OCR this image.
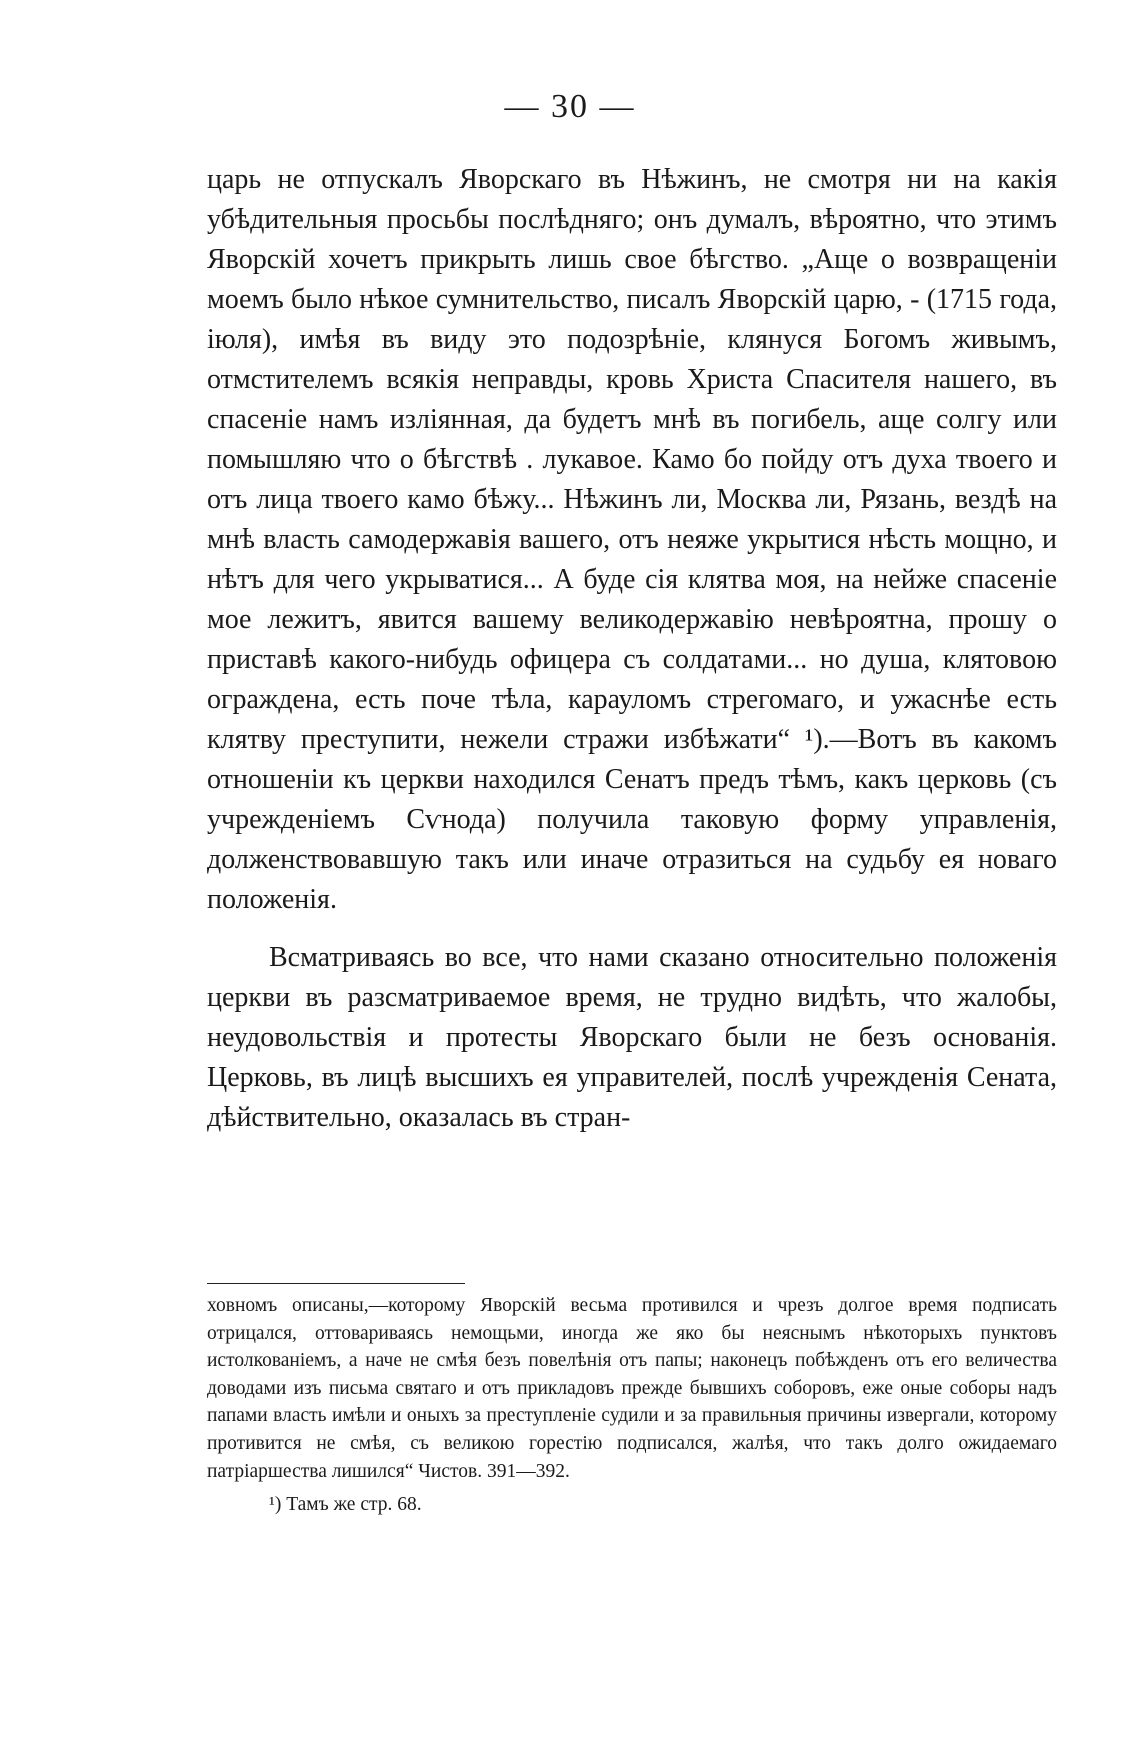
— 30 —

царь не отпускалъ Яворскаго въ Нѣжинъ, не смотря ни на какія убѣдительныя просьбы послѣдняго; онъ думалъ, вѣроятно, что этимъ Яворскій хочетъ прикрыть лишь свое бѣгство. „Аще о возвращеніи моемъ было нѣкое сумнительство, писалъ Яворскій царю, - (1715 года, іюля), имѣя въ виду это подозрѣніе, клянуся Богомъ живымъ, отмстителемъ всякія неправды, кровь Христа Спасителя нашего, въ спасеніе намъ изліянная, да будетъ мнѣ въ погибель, аще солгу или помышляю что о бѣгствѣ . лукавое. Камо бо пойду отъ духа твоего и отъ лица твоего камо бѣжу... Нѣжинъ ли, Москва ли, Рязань, вездѣ на мнѣ власть самодержавія вашего, отъ неяже укрытися нѣсть мощно, и нѣтъ для чего укрыватися... А буде сія клятва моя, на нейже спасеніе мое лежитъ, явится вашему великодержавію невѣроятна, прошу о приставѣ какого-нибудь офицера съ солдатами... но душа, клятовою ограждена, есть поче тѣла, карауломъ стрегомаго, и ужаснѣе есть клятву преступити, нежели стражи избѣжати“ ¹).—Вотъ въ какомъ отношеніи къ церкви находился Сенатъ предъ тѣмъ, какъ церковь (съ учрежденіемъ Сѵнода) получила таковую форму управленія, долженствовавшую такъ или иначе отразиться на судьбу ея новаго положенія.

Всматриваясь во все, что нами сказано относительно положенія церкви въ разсматриваемое время, не трудно видѣть, что жалобы, неудовольствія и протесты Яворскаго были не безъ основанія. Церковь, въ лицѣ высшихъ ея управителей, послѣ учрежденія Сената, дѣйствительно, оказалась въ стран-

ховномъ описаны,—которому Яворскій весьма противился и чрезъ долгое время подписать отрицался, оттовариваясь немощьми, иногда же яко бы неяснымъ нѣкоторыхъ пунктовъ истолкованіемъ, а наче не смѣя безъ повелѣнія отъ папы; наконецъ побѣжденъ отъ его величества доводами изъ письма святаго и отъ прикладовъ прежде бывшихъ соборовъ, еже оные соборы надъ папами власть имѣли и оныхъ за преступленіе судили и за правильныя причины извергали, которому противится не смѣя, съ великою горестію подписался, жалѣя, что такъ долго ожидаемаго патріаршества лишился“ Чистов. 391—392.

¹) Тамъ же стр. 68.
